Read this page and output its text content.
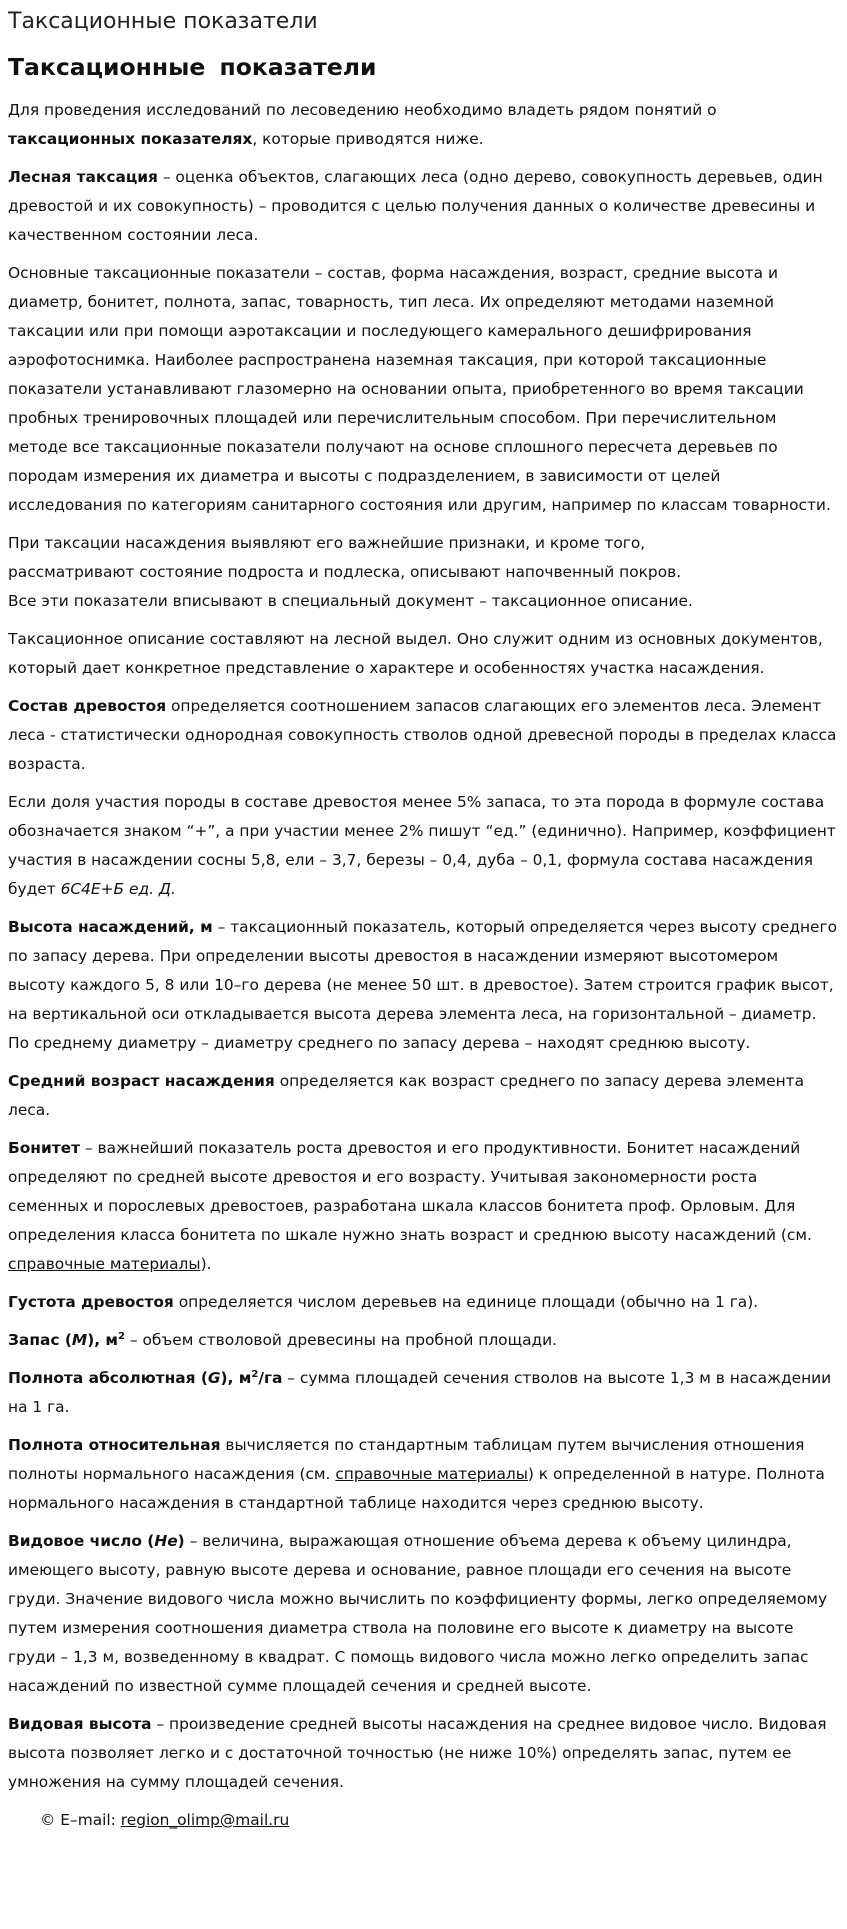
Таксационные показатели
Таксационные показатели

Для проведения исследований по лесоведению необходимо владеть рядом понятий о таксационных показателях, которые приводятся ниже.

Лесная таксация – оценка объектов, слагающих леса (одно дерево, совокупность деревьев, один древостой и их совокупность) – проводится с целью получения данных о количестве древесины и качественном состоянии леса.

Основные таксационные показатели – состав, форма насаждения, возраст, средние высота и диаметр, бонитет, полнота, запас, товарность, тип леса. Их определяют методами наземной таксации или при помощи аэротаксации и последующего камерального дешифрирования аэрофотоснимка. Наиболее распространена наземная таксация, при которой таксационные показатели устанавливают глазомерно на основании опыта, приобретенного во время таксации пробных тренировочных площадей или перечислительным способом. При перечислительном методе все таксационные показатели получают на основе сплошного пересчета деревьев по породам измерения их диаметра и высоты с подразделением, в зависимости от целей исследования по категориям санитарного состояния или другим, например по классам товарности.

При таксации насаждения выявляют его важнейшие признаки, и кроме того,
рассматривают состояние подроста и подлеска, описывают напочвенный покров.
Все эти показатели вписывают в специальный документ – таксационное описание.

Таксационное описание составляют на лесной выдел. Оно служит одним из основных документов, который дает конкретное представление о характере и особенностях участка насаждения.

Состав древостоя определяется соотношением запасов слагающих его элементов леса. Элемент леса - статистически однородная совокупность стволов одной древесной породы в пределах класса возраста.

Если доля участия породы в составе древостоя менее 5% запаса, то эта порода в формуле состава обозначается знаком “+”, а при участии менее 2% пишут “ед.” (единично). Например, коэффициент участия в насаждении сосны 5,8, ели – 3,7, березы – 0,4, дуба – 0,1, формула состава насаждения будет 6С4Е+Б ед. Д.

Высота насаждений, м – таксационный показатель, который определяется через высоту среднего по запасу дерева. При определении высоты древостоя в насаждении измеряют высотомером высоту каждого 5, 8 или 10–го дерева (не менее 50 шт. в древостое). Затем строится график высот, на вертикальной оси откладывается высота дерева элемента леса, на горизонтальной – диаметр. По среднему диаметру – диаметру среднего по запасу дерева – находят среднюю высоту.

Средний возраст насаждения определяется как возраст среднего по запасу дерева элемента леса.

Бонитет – важнейший показатель роста древостоя и его продуктивности. Бонитет насаждений определяют по средней высоте древостоя и его возрасту. Учитывая закономерности роста семенных и порослевых древостоев, разработана шкала классов бонитета проф. Орловым. Для определения класса бонитета по шкале нужно знать возраст и среднюю высоту насаждений (см. справочные материалы).

Густота древостоя определяется числом деревьев на единице площади (обычно на 1 га).

Запас (М), $м^2$ – объем стволовой древесины на пробной площади.

Полнота абсолютная (G), $м^2/га$ – сумма площадей сечения стволов на высоте 1,3 м в насаждении на 1 га.

Полнота относительная вычисляется по стандартным таблицам путем вычисления отношения полноты нормального насаждения (см. справочные материалы) к определенной в натуре. Полнота нормального насаждения в стандартной таблице находится через среднюю высоту.

Видовое число (Не) – величина, выражающая отношение объема дерева к объему цилиндра, имеющего высоту, равную высоте дерева и основание, равное площади его сечения на высоте груди. Значение видового числа можно вычислить по коэффициенту формы, легко определяемому путем измерения соотношения диаметра ствола на половине его высоте к диаметру на высоте груди – 1,3 м, возведенному в квадрат. С помощь видового числа можно легко определить запас насаждений по известной сумме площадей сечения и средней высоте.

Видовая высота – произведение средней высоты насаждения на среднее видовое число. Видовая высота позволяет легко и с достаточной точностью (не ниже 10%) определять запас, путем ее умножения на сумму площадей сечения.

© E–mail: region_olimp@mail.ru
